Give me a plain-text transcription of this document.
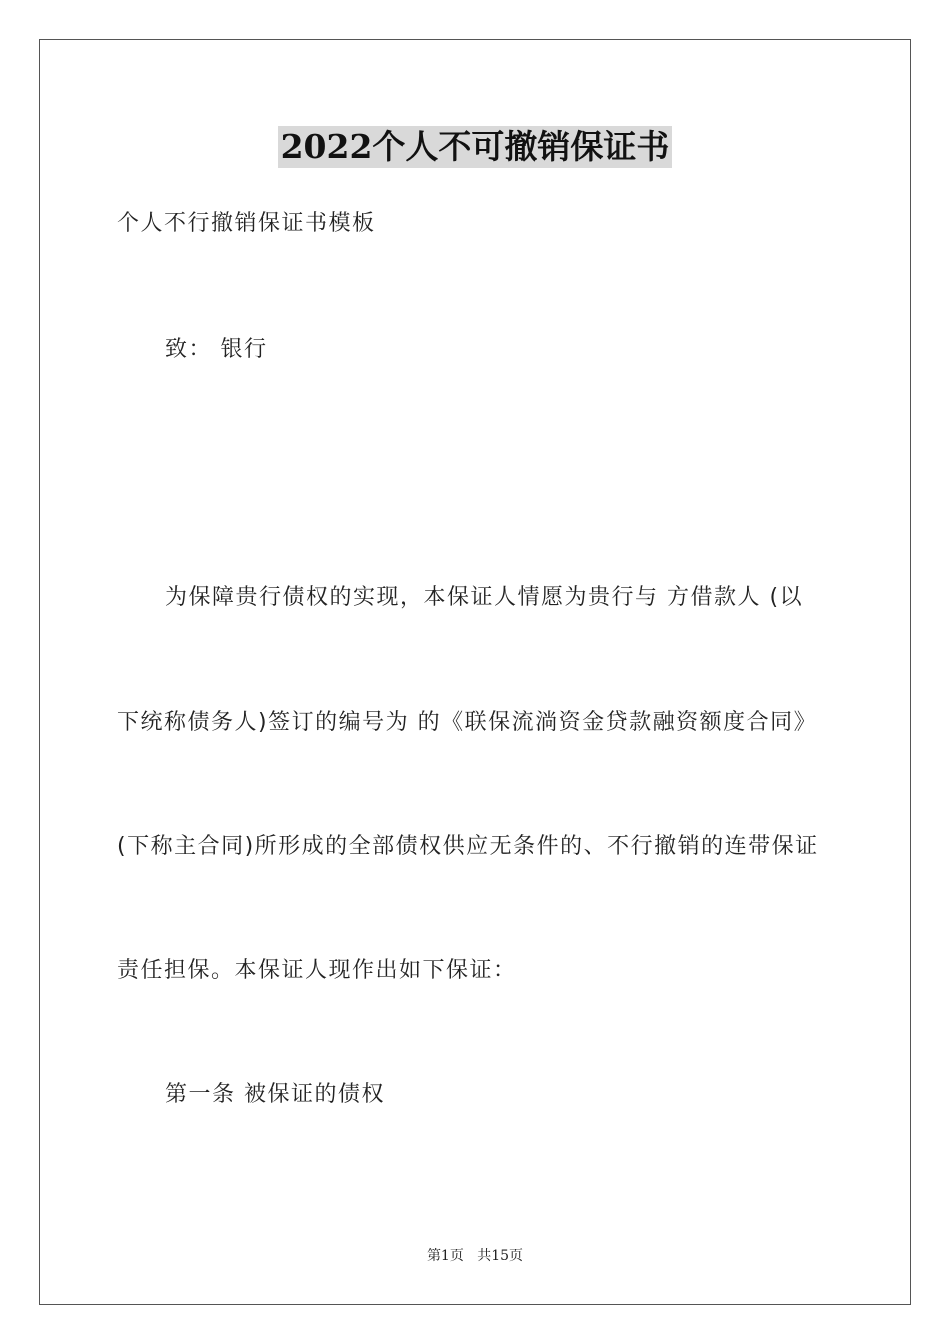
2022个人不可撤销保证书
个人不行撤销保证书模板
致： 银行
为保障贵行债权的实现，本保证人情愿为贵行与 方借款人 (以
下统称债务人)签订的编号为 的《联保流淌资金贷款融资额度合同》
(下称主合同)所形成的全部债权供应无条件的、不行撤销的连带保证
责任担保。本保证人现作出如下保证：
第一条 被保证的债权
第1页 共15页
